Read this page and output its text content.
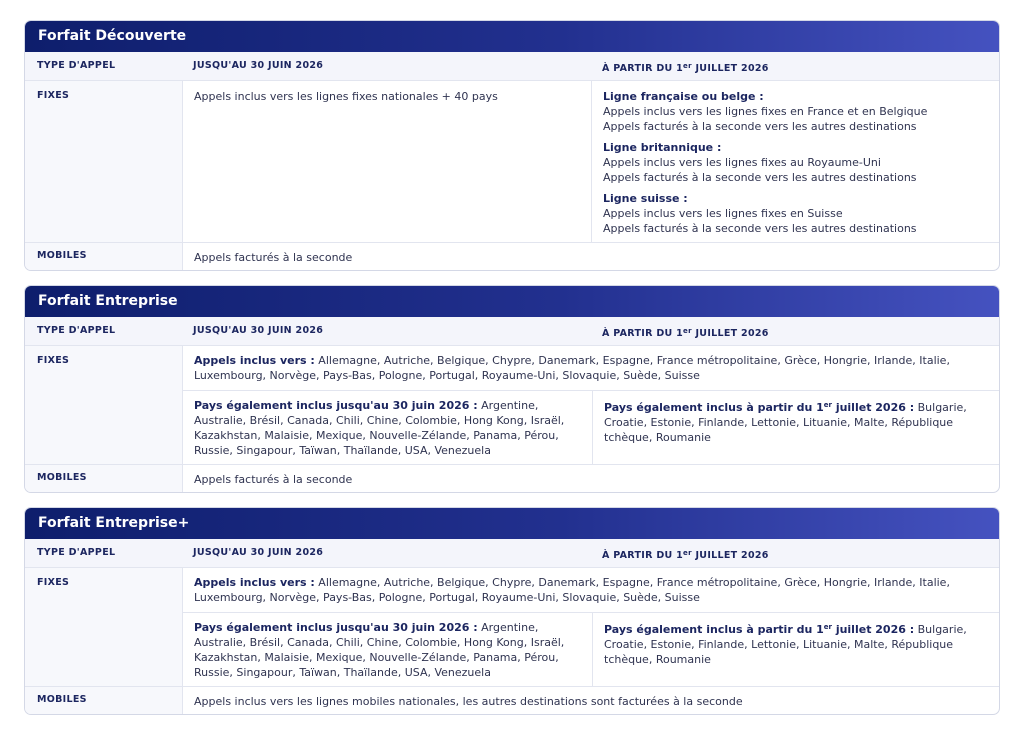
Forfait Découverte
TYPE D'APPEL	JUSQU'AU 30 JUIN 2026	À PARTIR DU 1er JUILLET 2026
FIXES	Appels inclus vers les lignes fixes nationales + 40 pays	Ligne française ou belge :
Appels inclus vers les lignes fixes en France et en Belgique
Appels facturés à la seconde vers les autres destinations
Ligne britannique :
Appels inclus vers les lignes fixes au Royaume-Uni
Appels facturés à la seconde vers les autres destinations
Ligne suisse :
Appels inclus vers les lignes fixes en Suisse
Appels facturés à la seconde vers les autres destinations
MOBILES	Appels facturés à la seconde
Forfait Entreprise
TYPE D'APPEL	JUSQU'AU 30 JUIN 2026	À PARTIR DU 1er JUILLET 2026
FIXES	Appels inclus vers : Allemagne, Autriche, Belgique, Chypre, Danemark, Espagne, France métropolitaine, Grèce, Hongrie, Irlande, Italie, Luxembourg, Norvège, Pays-Bas, Pologne, Portugal, Royaume-Uni, Slovaquie, Suède, Suisse
Pays également inclus jusqu'au 30 juin 2026 : Argentine, Australie, Brésil, Canada, Chili, Chine, Colombie, Hong Kong, Israël, Kazakhstan, Malaisie, Mexique, Nouvelle-Zélande, Panama, Pérou, Russie, Singapour, Taïwan, Thaïlande, USA, Venezuela
Pays également inclus à partir du 1er juillet 2026 : Bulgarie, Croatie, Estonie, Finlande, Lettonie, Lituanie, Malte, République tchèque, Roumanie
MOBILES	Appels facturés à la seconde
Forfait Entreprise+
TYPE D'APPEL	JUSQU'AU 30 JUIN 2026	À PARTIR DU 1er JUILLET 2026
FIXES	Appels inclus vers : Allemagne, Autriche, Belgique, Chypre, Danemark, Espagne, France métropolitaine, Grèce, Hongrie, Irlande, Italie, Luxembourg, Norvège, Pays-Bas, Pologne, Portugal, Royaume-Uni, Slovaquie, Suède, Suisse
Pays également inclus jusqu'au 30 juin 2026 : Argentine, Australie, Brésil, Canada, Chili, Chine, Colombie, Hong Kong, Israël, Kazakhstan, Malaisie, Mexique, Nouvelle-Zélande, Panama, Pérou, Russie, Singapour, Taïwan, Thaïlande, USA, Venezuela
Pays également inclus à partir du 1er juillet 2026 : Bulgarie, Croatie, Estonie, Finlande, Lettonie, Lituanie, Malte, République tchèque, Roumanie
MOBILES	Appels inclus vers les lignes mobiles nationales, les autres destinations sont facturées à la seconde
